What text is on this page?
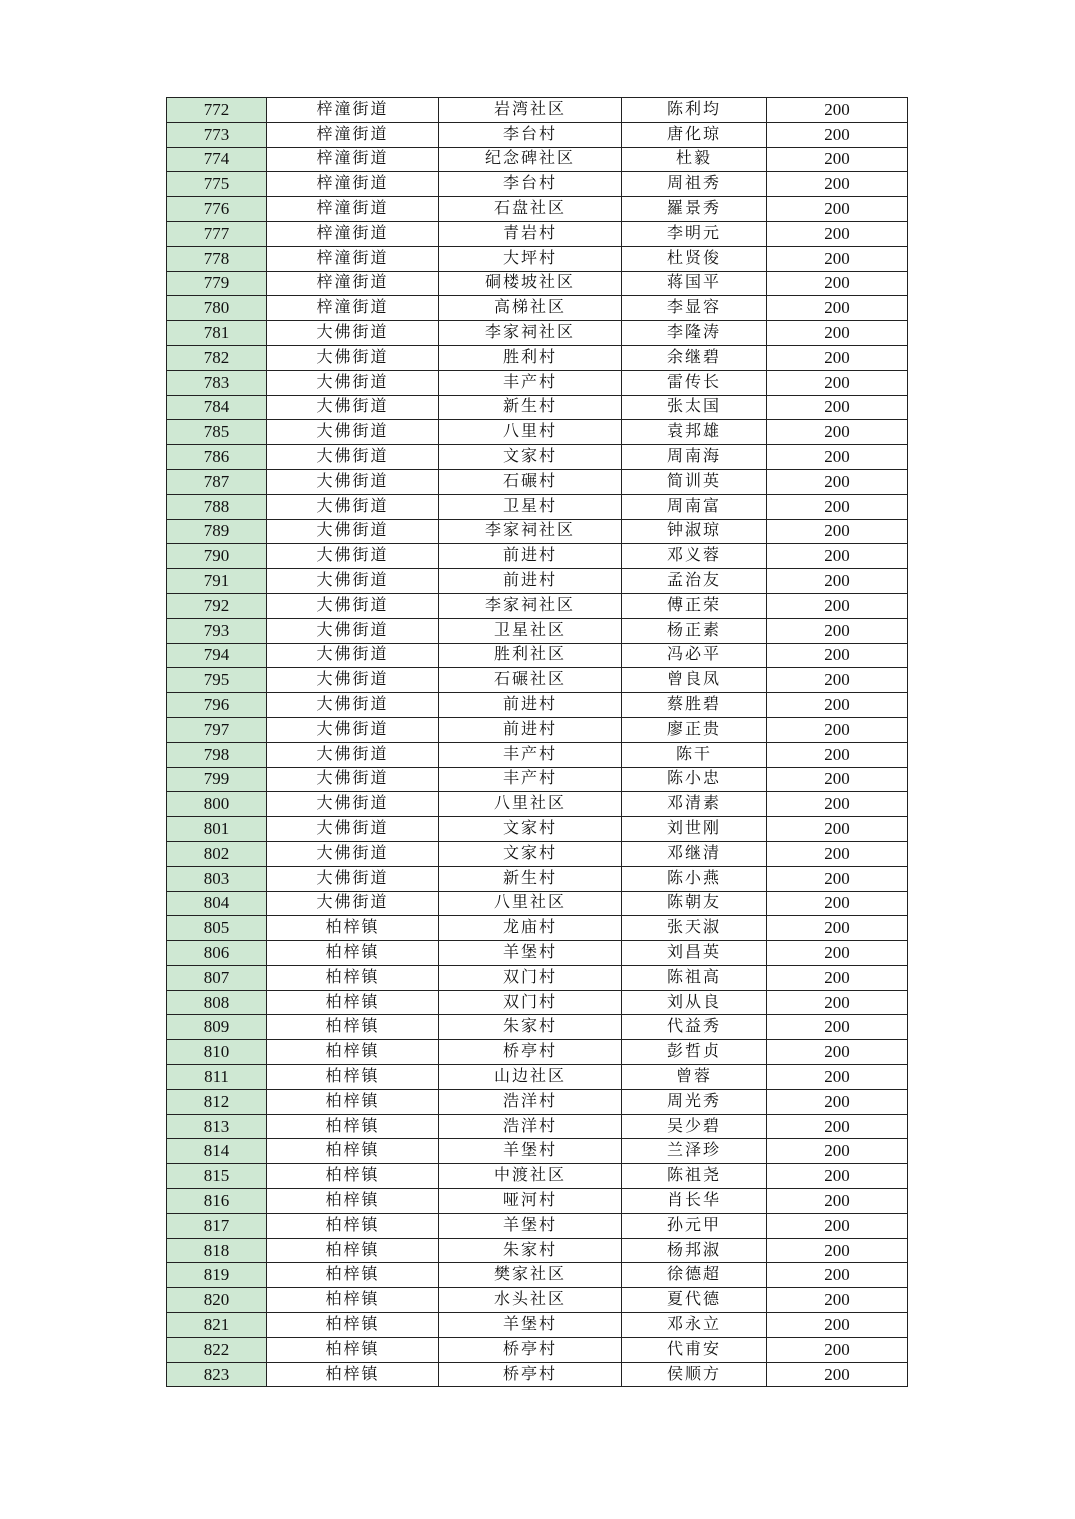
772	梓潼街道	岩湾社区	陈利均	200
773	梓潼街道	李台村	唐化琼	200
774	梓潼街道	纪念碑社区	杜毅	200
775	梓潼街道	李台村	周祖秀	200
776	梓潼街道	石盘社区	羅景秀	200
777	梓潼街道	青岩村	李明元	200
778	梓潼街道	大坪村	杜贤俊	200
779	梓潼街道	硐楼坡社区	蒋国平	200
780	梓潼街道	高梯社区	李显容	200
781	大佛街道	李家祠社区	李隆涛	200
782	大佛街道	胜利村	余继碧	200
783	大佛街道	丰产村	雷传长	200
784	大佛街道	新生村	张太国	200
785	大佛街道	八里村	袁邦雄	200
786	大佛街道	文家村	周南海	200
787	大佛街道	石碾村	简训英	200
788	大佛街道	卫星村	周南富	200
789	大佛街道	李家祠社区	钟淑琼	200
790	大佛街道	前进村	邓义蓉	200
791	大佛街道	前进村	孟治友	200
792	大佛街道	李家祠社区	傅正荣	200
793	大佛街道	卫星社区	杨正素	200
794	大佛街道	胜利社区	冯必平	200
795	大佛街道	石碾社区	曾良凤	200
796	大佛街道	前进村	蔡胜碧	200
797	大佛街道	前进村	廖正贵	200
798	大佛街道	丰产村	陈干	200
799	大佛街道	丰产村	陈小忠	200
800	大佛街道	八里社区	邓清素	200
801	大佛街道	文家村	刘世刚	200
802	大佛街道	文家村	邓继清	200
803	大佛街道	新生村	陈小燕	200
804	大佛街道	八里社区	陈朝友	200
805	柏梓镇	龙庙村	张天淑	200
806	柏梓镇	羊堡村	刘昌英	200
807	柏梓镇	双门村	陈祖高	200
808	柏梓镇	双门村	刘从良	200
809	柏梓镇	朱家村	代益秀	200
810	柏梓镇	桥亭村	彭哲贞	200
811	柏梓镇	山边社区	曾蓉	200
812	柏梓镇	浩洋村	周光秀	200
813	柏梓镇	浩洋村	吴少碧	200
814	柏梓镇	羊堡村	兰泽珍	200
815	柏梓镇	中渡社区	陈祖尧	200
816	柏梓镇	哑河村	肖长华	200
817	柏梓镇	羊堡村	孙元甲	200
818	柏梓镇	朱家村	杨邦淑	200
819	柏梓镇	樊家社区	徐德超	200
820	柏梓镇	水头社区	夏代德	200
821	柏梓镇	羊堡村	邓永立	200
822	柏梓镇	桥亭村	代甫安	200
823	柏梓镇	桥亭村	侯顺方	200
